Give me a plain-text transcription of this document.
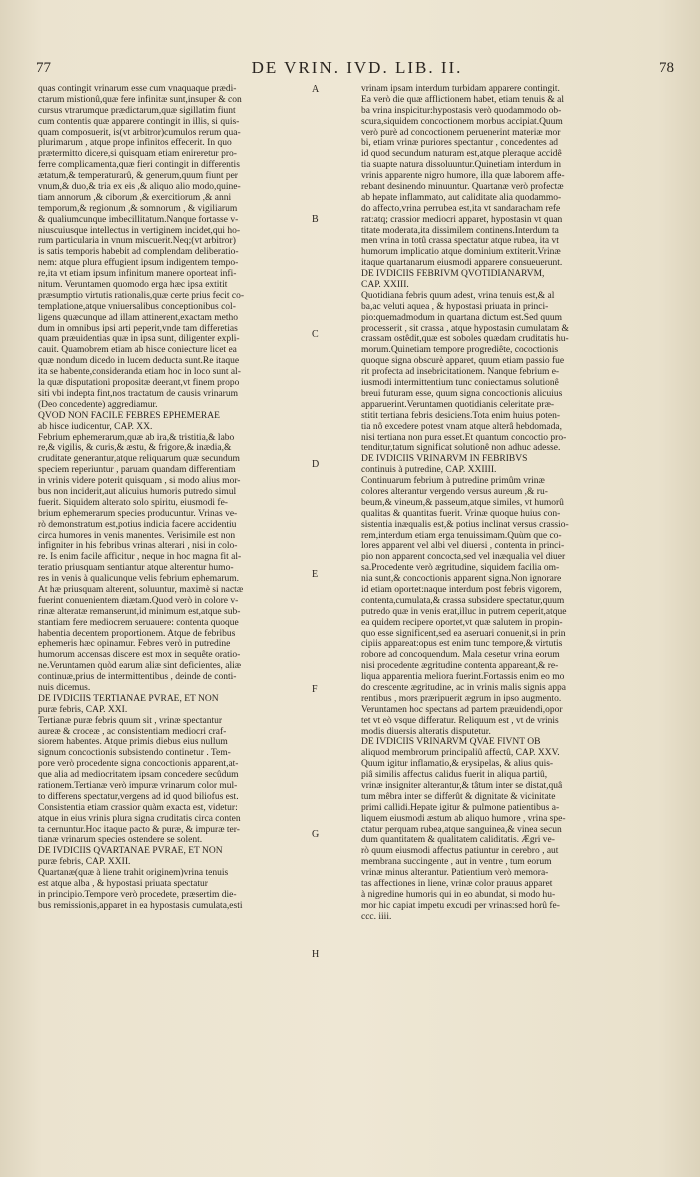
77	DE VRIN. IVD. LIB. II.	78
quas contingit vrinarum esse cum vnaquaque prædi-
ctarum mistionû,quæ fere infinitæ sunt,insuper & con
cursus vtrarumque prædictarum,quæ sigillatim fiunt
cum contentis quæ apparere contingit in illis, si quis-
quam composuerit, is(vt arbitror)cumulos rerum qua-
plurimarum , atque prope infinitos effecerit. In quo
prætermitto dicere,si quisquam etiam enireretur pro-
ferre complicamenta,quæ fieri contingit in differentis
ætatum,& temperaturarû, & generum,quum fiunt per
vnum,& duo,& tria ex eis ,& aliquo alio modo,quine-
tiam annorum ,& ciborum ,& exercitiorum ,& anni
temporum,& regionum ,& somnorum , & vigiliarum
& qualiumcunque imbecillitatum.Nanque fortasse v-
niuscuiusque intellectus in vertiginem incidet,qui ho-
rum particularia in vnum miscuerit.Neq;(vt arbitror)
is satis temporis habebit ad complendam deliberatio-
nem: atque plura effugient ipsum indigentem tempo-
re,ita vt etiam ipsum infinitum manere oporteat infi-
nitum. Veruntamen quomodo erga hæc ipsa extitit
præsumptio virtutis rationalis,quæ certe prius fecit co-
templatione,atque vniuersalibus conceptionibus col-
ligens quæcunque ad illam attinerent,exactam metho
dum in omnibus ipsi arti peperit,vnde tam differetias
quam præuidentias quæ in ipsa sunt, diligenter expli-
cauit. Quamobrem etiam ab hisce coniecture licet ea
quæ nondum dicedo in lucem deducta sunt.Re itaque
ita se habente,consideranda etiam hoc in loco sunt al-
la quæ disputationi propositæ deerant,vt finem propo
siti vbi indepta fint,nos tractatum de causis vrinarum
(Deo concedente) aggrediamur.
QVOD NON FACILE FEBRES EPHEMERAE
ab hisce iudicentur, CAP. XX.
Febrium ephemerarum,quæ ab ira,& tristitia,& labo
re,& vigilis, & curis,& æstu, & frigore,& inædia,&
cruditate generantur,atque reliquarum quæ secundum
speciem reperiuntur , paruam quandam differentiam
in vrinis videre poterit quisquam , si modo alius mor-
bus non inciderit,aut alicuius humoris putredo simul
fuerit. Siquidem alterato solo spiritu, eiusmodi fe-
brium ephemerarum species producuntur. Vrinas ve-
rò demonstratum est,potius indicia facere accidentiu
circa humores in venis manentes. Verisimile est non
infigniter in his febribus vrinas alterari , nisi in colo-
re. Is enim facile afficitur , neque in hoc magna fit al-
teratio priusquam sentiantur atque alterentur humo-
res in venis à qualicunque velis febrium ephemarum.
At hæ priusquam alterent, soluuntur, maximè si nactæ
fuerint conuenientem diætam.Quod verò in colore v-
rinæ alteratæ remanserunt,id minimum est,atque sub-
stantiam fere mediocrem seruauere: contenta quoque
habentia decentem proportionem. Atque de febribus
ephemeris hæc opinamur. Febres verò in putredine
humorum accensas discere est mox in sequête oratio-
ne.Veruntamen quòd earum aliæ sint deficientes, aliæ
continuæ,prius de intermittentibus , deinde de conti-
nuis dicemus.
DE IVDICIIS TERTIANAE PVRAE, ET NON
puræ febris, CAP. XXI.
Tertianæ puræ febris quum sit , vrinæ spectantur
aureæ & croceæ , ac consistentiam mediocri craf-
siorem habentes. Atque primis diebus eius nullum
signum concoctionis subsistendo continetur . Tem-
pore verò procedente signa concoctionis apparent,at-
que alia ad mediocritatem ipsam concedere secûdum
rationem.Tertianæ verò impuræ vrinarum color mul-
to differens spectatur,vergens ad id quod biliofus est.
Consistentia etiam crassior quàm exacta est, videtur:
atque in eius vrinis plura signa cruditatis circa conten
ta cernuntur.Hoc itaque pacto & puræ, & impuræ ter-
tianæ vrinarum species ostendere se solent.
DE IVDICIIS QVARTANAE PVRAE, ET NON
puræ febris, CAP. XXII.
Quartanæ(quæ à liene trahit originem)vrina tenuis
est atque alba , & hypostasi priuata spectatur
in principio.Tempore verò procedete, præsertim die-
bus remissionis,apparet in ea hypostasis cumulata,esti
A
B
C
D
E
F
G
H
vrinam ipsam interdum turbidam apparere contingit.
Ea verò die quæ afflictionem habet, etiam tenuis & al
ba vrina inspicitur:hypostasis verò quodammodo ob-
scura,siquidem concoctionem morbus accipiat.Quum
verò purè ad concoctionem peruenerint materiæ mor
bi, etiam vrinæ puriores spectantur , concedentes ad
id quod secundum naturam est,atque pleraque accidê
tia suapte natura dissoluuntur.Quinetiam interdum in
vrinis apparente nigro humore, illa quæ laborem affe-
rebant desinendo minuuntur. Quartanæ verò profectæ
ab hepate inflammato, aut caliditate alia quodammo-
do affecto,vrina perrubea est,ita vt sandaracham refe
rat:atq; crassior mediocri apparet, hypostasin vt quan
titate moderata,ita dissimilem continens.Interdum ta
men vrina in totû crassa spectatur atque rubea, ita vt
humorum implicatio atque dominium extiterit.Vrinæ
itaque quartanarum eiusmodi apparere consueuerunt.
DE IVDICIIS FEBRIVM QVOTIDIANARVM,
CAP. XXIII.
Quotidiana febris quum adest, vrina tenuis est,& al
ba,ac veluti aquea , & hypostasi priuata in princi-
pio:quemadmodum in quartana dictum est.Sed quum
processerit , sit crassa , atque hypostasin cumulatam &
crassam ostêdit,quæ est soboles quædam cruditatis hu-
morum.Quinetiam tempore progrediête, cococtionis
quoque signa obscurè apparet, quum etiam passio fue
rit profecta ad insebricitationem. Nanque febrium e-
iusmodi intermittentium tunc coniectamus solutionê
breui futuram esse, quum signa concoctionis alicuius
apparuerint.Veruntamen quotidianis celeritate præ-
stitit tertiana febris desiciens.Tota enim huius poten-
tia nô excedere potest vnam atque alterâ hebdomada,
nisi tertiana non pura esset.Et quantum concoctio pro-
tenditur,tatum significat solutionê non adhuc adesse.
DE IVDICIIS VRINARVM IN FEBRIBVS
continuis à putredine, CAP. XXIIII.
Continuarum febrium à putredine primûm vrinæ
colores alterantur vergendo versus aureum ,& ru-
beum,& vineum,& passeum,atque similes, vt humorû
qualitas & quantitas fuerit. Vrinæ quoque huius con-
sistentia inæqualis est,& potius inclinat versus crassio-
rem,interdum etiam erga tenuissimam.Quùm que co-
lores apparent vel albi vel diuersi , contenta in princi-
pio non apparent concocta,sed vel inæqualia vel diuer
sa.Procedente verò ægritudine, siquidem facilia om-
nia sunt,& concoctionis apparent signa.Non ignorare
id etiam oportet:naque interdum post febris vigorem,
contenta,cumulata,& crassa subsidere spectatur,quum
putredo quæ in venis erat,illuc in putrem ceperit,atque
ea quidem recipere oportet,vt quæ salutem in propin-
quo esse significent,sed ea aseruari conuenit,si in prin
cipiis appareat:opus est enim tunc tempore,& virtutis
robore ad concoquendum. Mala cesetur vrina eorum
nisi procedente ægritudine contenta appareant,& re-
liqua apparentia meliora fuerint.Fortassis enim eo mo
do crescente ægritudine, ac in vrinis malis signis appa
rentibus , mors præripuerit ægrum in ipso augmento.
Veruntamen hoc spectans ad partem præuidendi,opor
tet vt eò vsque differatur. Reliquum est , vt de vrinis
modis diuersis alteratis disputetur.
DE IVDICIIS VRINARVM QVAE FIVNT OB
aliquod membrorum principaliû affectû, CAP. XXV.
Quum igitur inflamatio,& erysipelas, & alius quis-
piâ similis affectus calidus fuerit in aliqua partiû,
vrinæ insigniter alterantur,& tâtum inter se distat,quâ
tum mêbra inter se differût & dignitate & vicinitate
primi callidi.Hepate igitur & pulmone patientibus a-
liquem eiusmodi æstum ab aliquo humore , vrina spe-
ctatur perquam rubea,atque sanguinea,& vinea secun
dum quantitatem & qualitatem caliditatis. Ægri ve-
rò quum eiusmodi affectus patiuntur in cerebro , aut
membrana succingente , aut in ventre , tum eorum
vrinæ minus alterantur. Patientium verò memora-
tas affectiones in liene, vrinæ color prauus apparet
à nigredine humoris qui in eo abundat, si modo hu-
mor hic capiat impetu excudi per vrinas:sed horû fe-
ccc. iiii.
